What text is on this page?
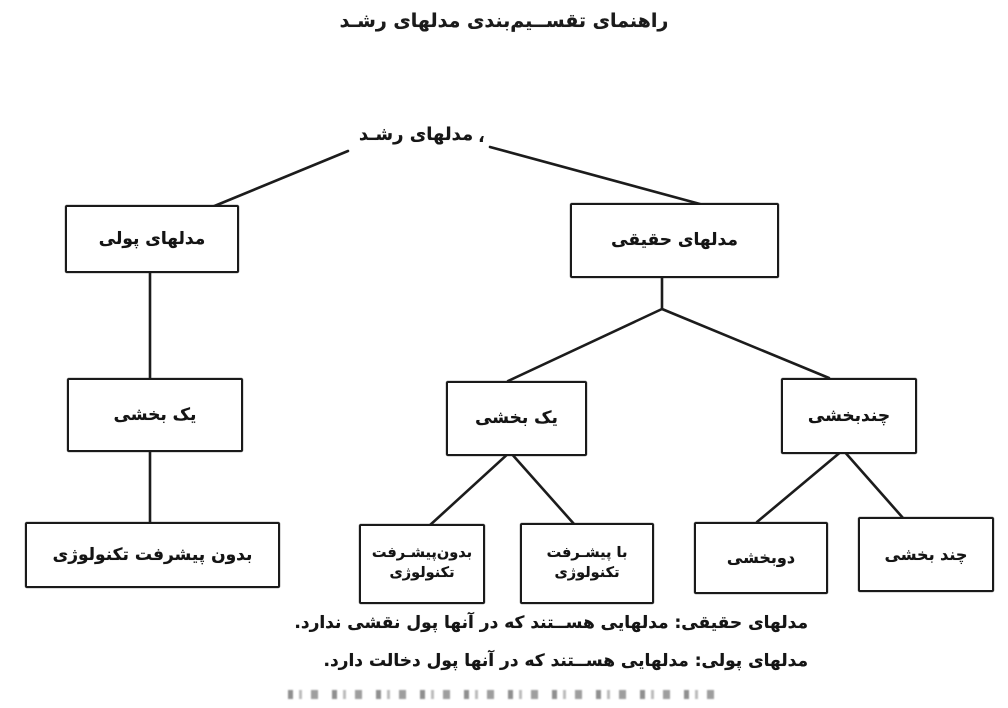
راهنمای تقســیم‌بندی مدلهای رشـد
،
مدلهای رشـد
مدلهای پولی	مدلهای حقیقی
یک بخشی	یک بخشی	چندبخشی
بدون پیشرفت تکنولوژی	بدون‌پیشـرفت
تکنولوژی
با پیشـرفت
تکنولوژی
دوبخشی	چند بخشی
مدلهای حقیقی: مدلهایی هســتند که در آنها پول نقشی ندارد.
مدلهای پولی: مدلهایی هســتند که در آنها پول دخالت دارد.
